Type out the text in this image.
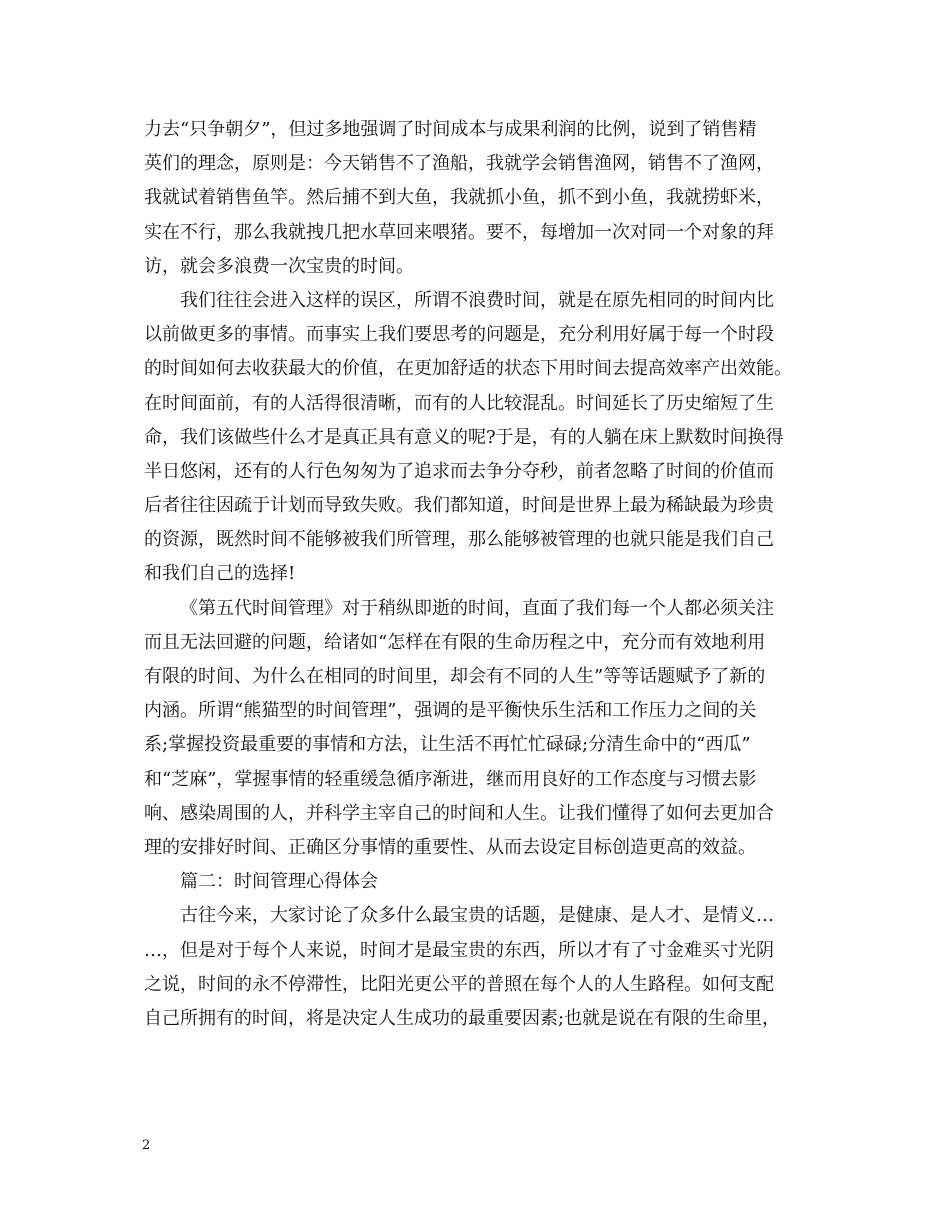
力去“只争朝夕”，但过多地强调了时间成本与成果利润的比例，说到了销售精
英们的理念，原则是：今天销售不了渔船，我就学会销售渔网，销售不了渔网，
我就试着销售鱼竿。然后捕不到大鱼，我就抓小鱼，抓不到小鱼，我就捞虾米，
实在不行，那么我就拽几把水草回来喂猪。要不，每增加一次对同一个对象的拜
访，就会多浪费一次宝贵的时间。
我们往往会进入这样的误区，所谓不浪费时间，就是在原先相同的时间内比
以前做更多的事情。而事实上我们要思考的问题是，充分利用好属于每一个时段
的时间如何去收获最大的价值，在更加舒适的状态下用时间去提高效率产出效能。
在时间面前，有的人活得很清晰，而有的人比较混乱。时间延长了历史缩短了生
命，我们该做些什么才是真正具有意义的呢?于是，有的人躺在床上默数时间换得
半日悠闲，还有的人行色匆匆为了追求而去争分夺秒，前者忽略了时间的价值而
后者往往因疏于计划而导致失败。我们都知道，时间是世界上最为稀缺最为珍贵
的资源，既然时间不能够被我们所管理，那么能够被管理的也就只能是我们自己
和我们自己的选择!
《第五代时间管理》对于稍纵即逝的时间，直面了我们每一个人都必须关注
而且无法回避的问题，给诸如“怎样在有限的生命历程之中，充分而有效地利用
有限的时间、为什么在相同的时间里，却会有不同的人生”等等话题赋予了新的
内涵。所谓“熊猫型的时间管理”，强调的是平衡快乐生活和工作压力之间的关
系;掌握投资最重要的事情和方法，让生活不再忙忙碌碌;分清生命中的“西瓜”
和“芝麻”，掌握事情的轻重缓急循序渐进，继而用良好的工作态度与习惯去影
响、感染周围的人，并科学主宰自己的时间和人生。让我们懂得了如何去更加合
理的安排好时间、正确区分事情的重要性、从而去设定目标创造更高的效益。
篇二：时间管理心得体会
古往今来，大家讨论了众多什么最宝贵的话题，是健康、是人才、是情义…
…，但是对于每个人来说，时间才是最宝贵的东西，所以才有了寸金难买寸光阴
之说，时间的永不停滞性，比阳光更公平的普照在每个人的人生路程。如何支配
自己所拥有的时间，将是决定人生成功的最重要因素;也就是说在有限的生命里，
2
